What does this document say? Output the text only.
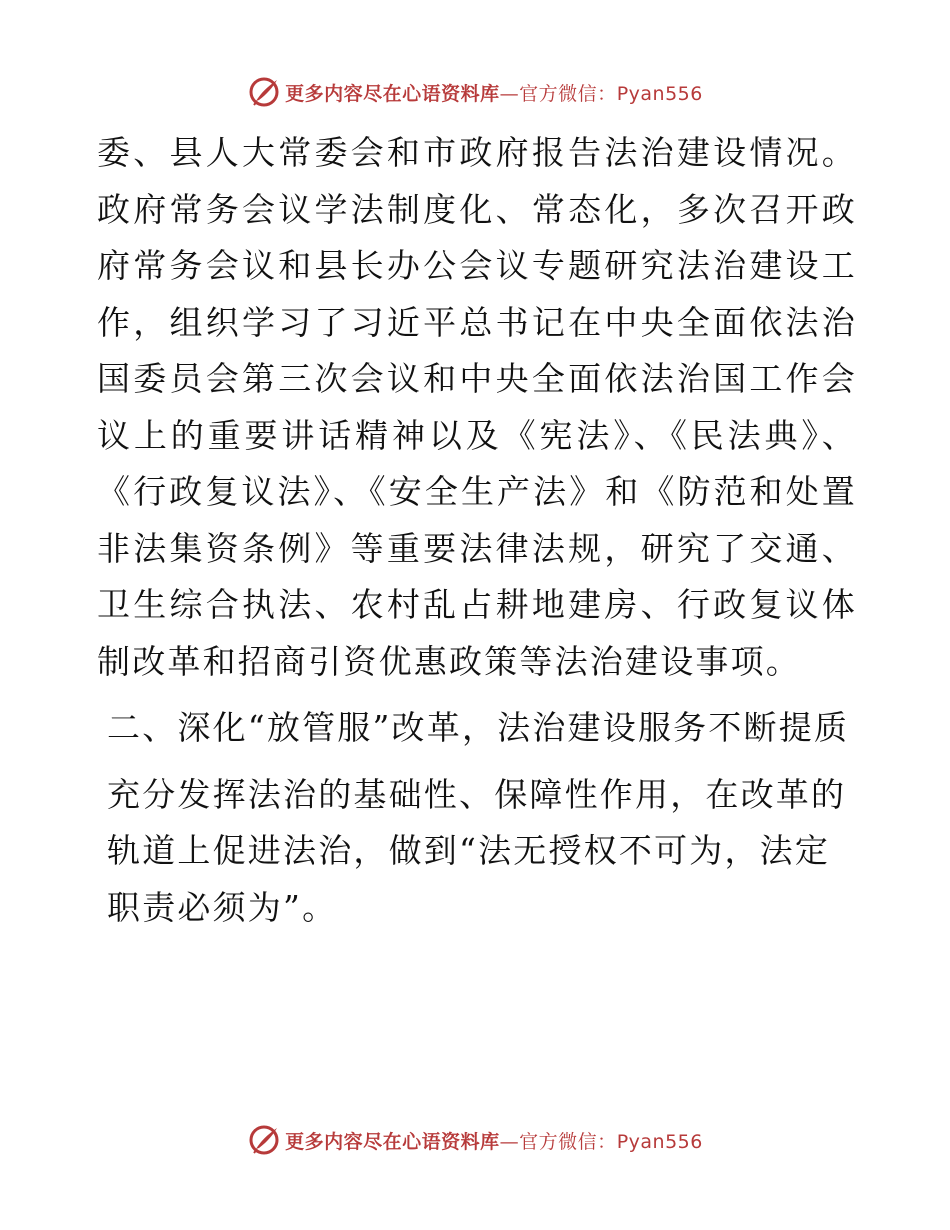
更多内容尽在心语资料库—官方微信：Pyan556

委、县人大常委会和市政府报告法治建设情况。政府常务会议学法制度化、常态化，多次召开政府常务会议和县长办公会议专题研究法治建设工作，组织学习了习近平总书记在中央全面依法治国委员会第三次会议和中央全面依法治国工作会议上的重要讲话精神以及《宪法》、《民法典》、《行政复议法》、《安全生产法》和《防范和处置非法集资条例》等重要法律法规，研究了交通、卫生综合执法、农村乱占耕地建房、行政复议体制改革和招商引资优惠政策等法治建设事项。

二、深化“放管服”改革，法治建设服务不断提质

充分发挥法治的基础性、保障性作用，在改革的轨道上促进法治，做到“法无授权不可为，法定职责必须为”。

更多内容尽在心语资料库—官方微信：Pyan556
